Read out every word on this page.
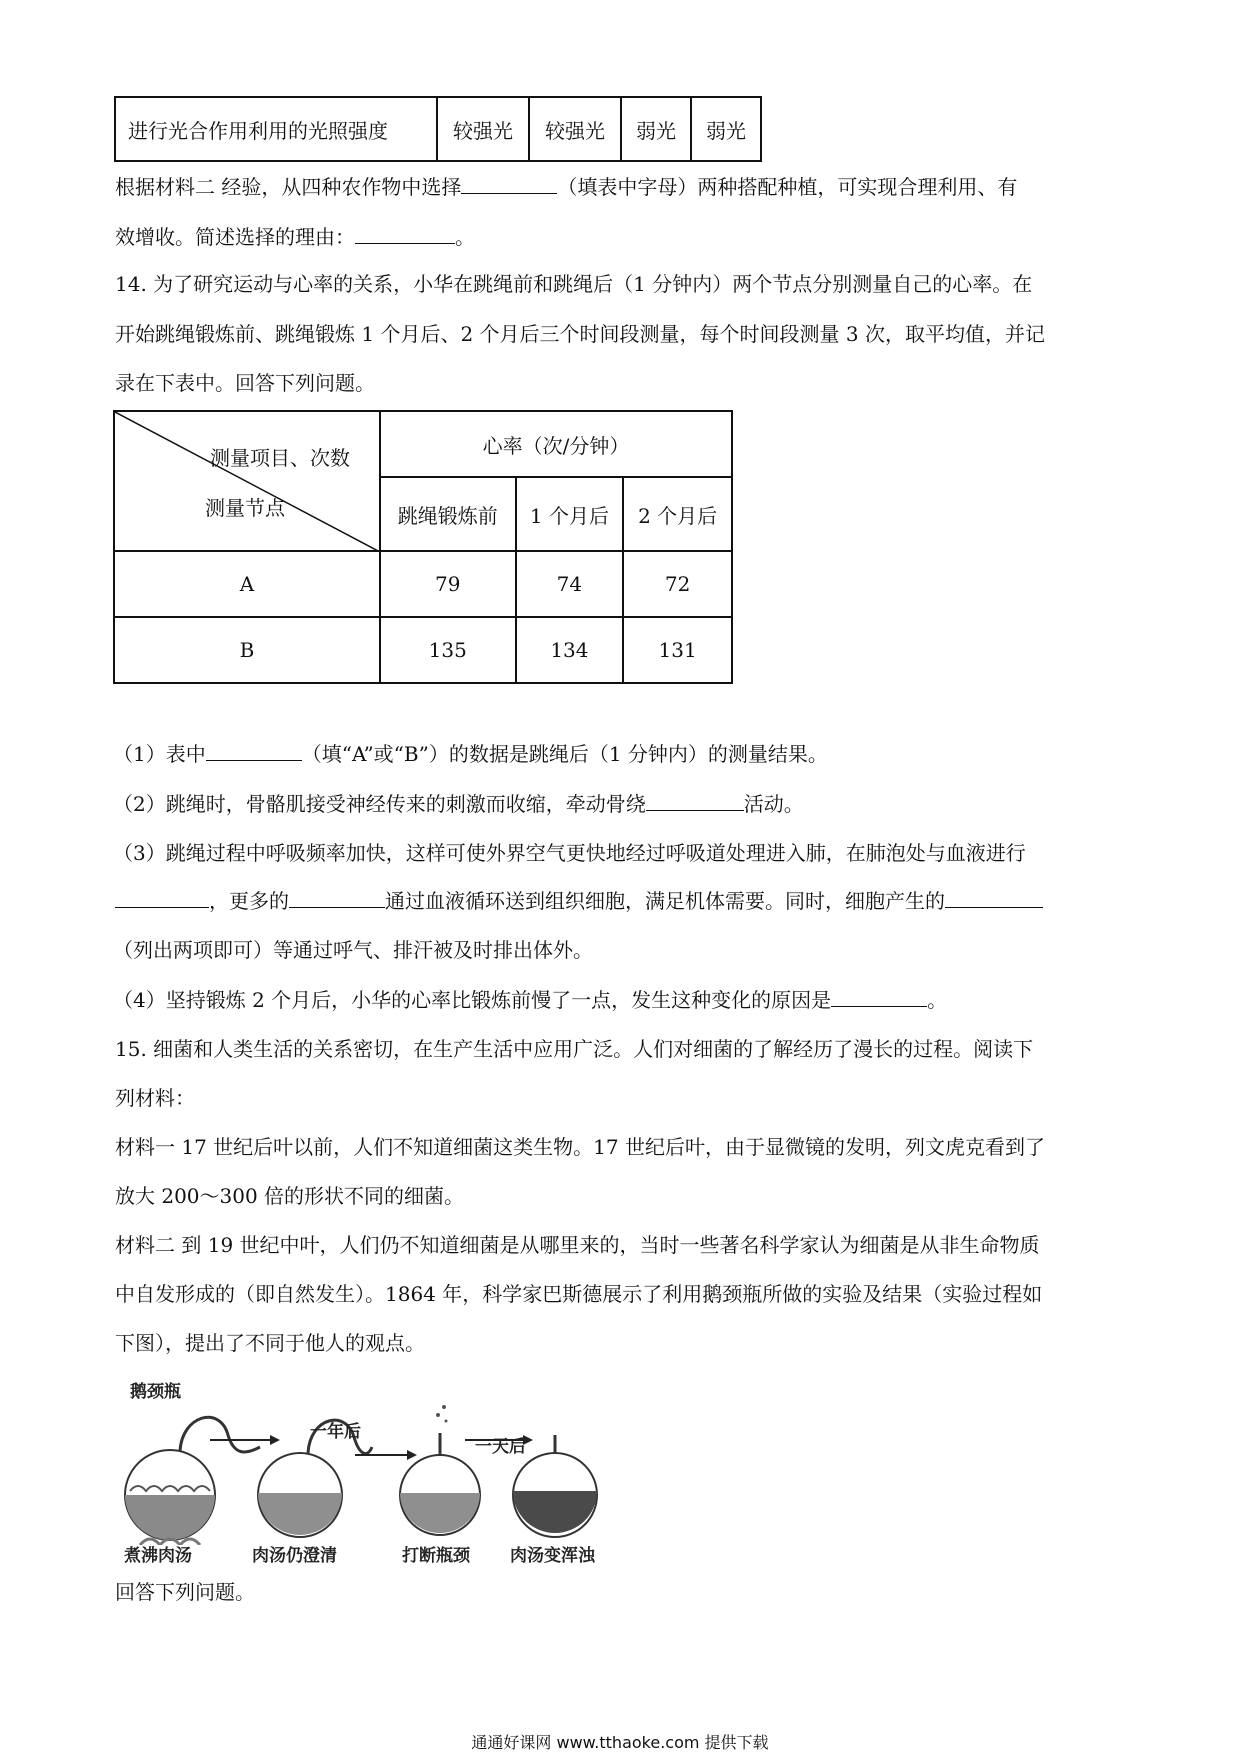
进行光合作用利用的光照强度	较强光	较强光	弱光	弱光
根据材料二 经验，从四种农作物中选择	（填表中字母）两种搭配种植，可实现合理利用、有
效增收。简述选择的理由：	。
14. 为了研究运动与心率的关系，小华在跳绳前和跳绳后（1 分钟内）两个节点分别测量自己的心率。在
开始跳绳锻炼前、跳绳锻炼 1 个月后、2 个月后三个时间段测量，每个时间段测量 3 次，取平均值，并记
录在下表中。回答下列问题。
测量项目、次数
测量节点	心率（次/分钟）		
	跳绳锻炼前	1 个月后	2 个月后
A	79	74	72
B	135	134	131
（1）表中	（填“A”或“B”）的数据是跳绳后（1 分钟内）的测量结果。
（2）跳绳时，骨骼肌接受神经传来的刺激而收缩，牵动骨绕	活动。
（3）跳绳过程中呼吸频率加快，这样可使外界空气更快地经过呼吸道处理进入肺，在肺泡处与血液进行
，更多的	通过血液循环送到组织细胞，满足机体需要。同时，细胞产生的
（列出两项即可）等通过呼气、排汗被及时排出体外。
（4）坚持锻炼 2 个月后，小华的心率比锻炼前慢了一点，发生这种变化的原因是	。
15. 细菌和人类生活的关系密切，在生产生活中应用广泛。人们对细菌的了解经历了漫长的过程。阅读下
列材料：
材料一 17 世纪后叶以前，人们不知道细菌这类生物。17 世纪后叶，由于显微镜的发明，列文虎克看到了
放大 200～300 倍的形状不同的细菌。
材料二 到 19 世纪中叶，人们仍不知道细菌是从哪里来的，当时一些著名科学家认为细菌是从非生命物质
中自发形成的（即自然发生）。1864 年，科学家巴斯德展示了利用鹅颈瓶所做的实验及结果（实验过程如
下图），提出了不同于他人的观点。
鹅颈瓶
一年后
一天后
煮沸肉汤	肉汤仍澄清	打断瓶颈 肉汤变浑浊
回答下列问题。
通通好课网 www.tthaoke.com 提供下载
